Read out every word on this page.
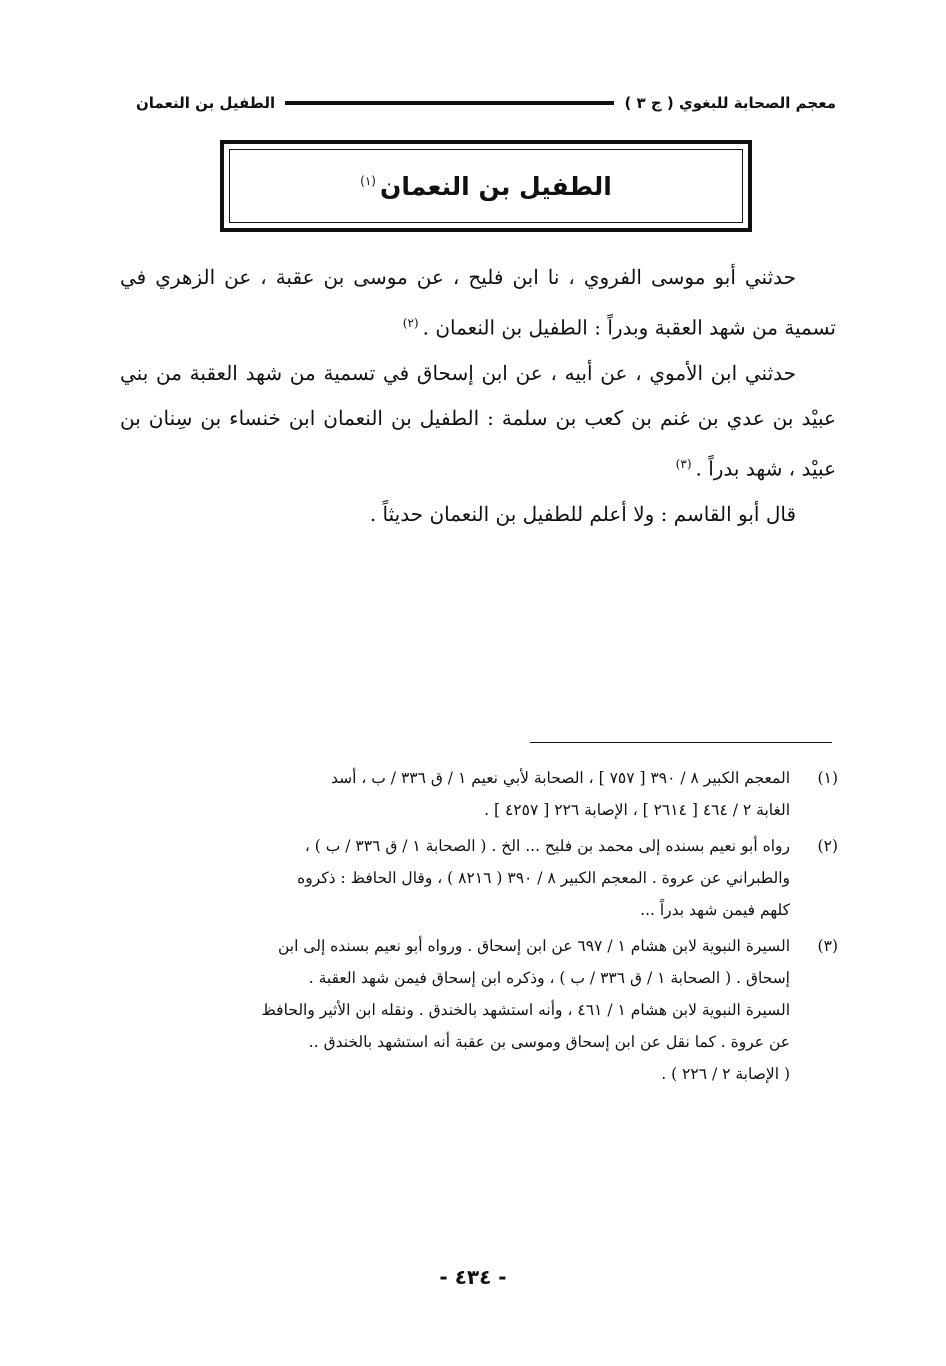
معجم الصحابة للبغوي ( ج ٣ )
الطفيل بن النعمان
الطفيل بن النعمان$^{(١)}$

حدثني أبو موسى الفروي ، نا ابن فليح ، عن موسى بن عقبة ، عن الزهري في تسمية من شهد العقبة وبدراً : الطفيل بن النعمان .$^{(٢)}$

حدثني ابن الأموي ، عن أبيه ، عن ابن إسحاق في تسمية من شهد العقبة من بني عبيْد بن عدي بن غنم بن كعب بن سلمة : الطفيل بن النعمان ابن خنساء بن سِنان بن عبيْد ، شهد بدراً .$^{(٣)}$

قال أبو القاسم : ولا أعلم للطفيل بن النعمان حديثاً .

(١)

المعجم الكبير ٨ / ٣٩٠ [ ٧٥٧ ] ، الصحابة لأبي نعيم ١ / ق ٣٣٦ / ب ، أسد

الغابة ٢ / ٤٦٤ [ ٢٦١٤ ] ، الإصابة ٢٢٦ [ ٤٢٥٧ ] .

(٢)

رواه أبو نعيم بسنده إلى محمد بن فليح ... الخ . ( الصحابة ١ / ق ٣٣٦ / ب ) ،

والطبراني عن عروة . المعجم الكبير ٨ / ٣٩٠ ( ٨٢١٦ ) ، وقال الحافظ : ذكروه

كلهم فيمن شهد بدراً ...

(٣)

السيرة النبوية لابن هشام ١ / ٦٩٧ عن ابن إسحاق . ورواه أبو نعيم بسنده إلى ابن

إسحاق . ( الصحابة ١ / ق ٣٣٦ / ب ) ، وذكره ابن إسحاق فيمن شهد العقبة .

السيرة النبوية لابن هشام ١ / ٤٦١ ، وأنه استشهد بالخندق . ونقله ابن الأثير والحافظ

عن عروة . كما نقل عن ابن إسحاق وموسى بن عقبة أنه استشهد بالخندق ..

( الإصابة ٢ / ٢٢٦ ) .

- ٤٣٤ -
